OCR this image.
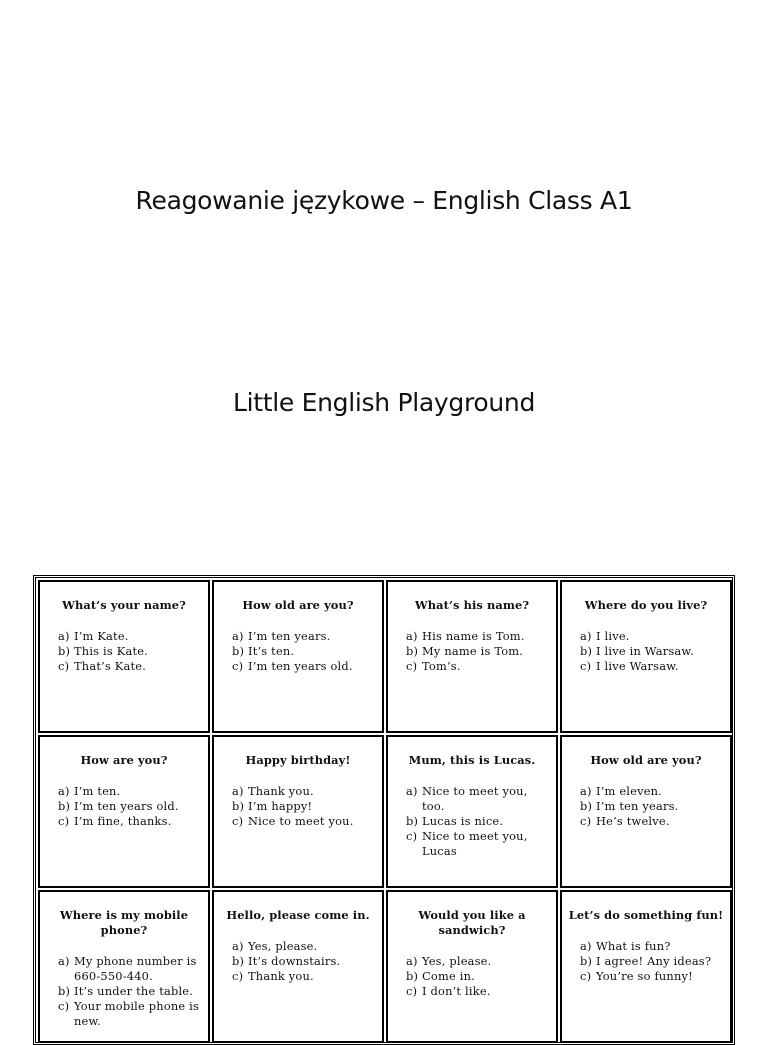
Reagowanie językowe – English Class A1
Little English Playground
What’s your name?
a) I’m Kate.
b) This is Kate.
c) That’s Kate.
How old are you?
a) I’m ten years.
b) It’s ten.
c) I’m ten years old.
What’s his name?
a) His name is Tom.
b) My name is Tom.
c) Tom’s.
Where do you live?
a) I live.
b) I live in Warsaw.
c) I live Warsaw.
How are you?
a) I’m ten.
b) I’m ten years old.
c) I’m fine, thanks.
Happy birthday!
a) Thank you.
b) I’m happy!
c) Nice to meet you.
Mum, this is Lucas.
a) Nice to meet you, too.
b) Lucas is nice.
c) Nice to meet you, Lucas
How old are you?
a) I’m eleven.
b) I’m ten years.
c) He’s twelve.
Where is my mobile phone?
a) My phone number is 660-550-440.
b) It’s under the table.
c) Your mobile phone is new.
Hello, please come in.
a) Yes, please.
b) It’s downstairs.
c) Thank you.
Would you like a sandwich?
a) Yes, please.
b) Come in.
c) I don’t like.
Let’s do something fun!
a) What is fun?
b) I agree! Any ideas?
c) You’re so funny!
